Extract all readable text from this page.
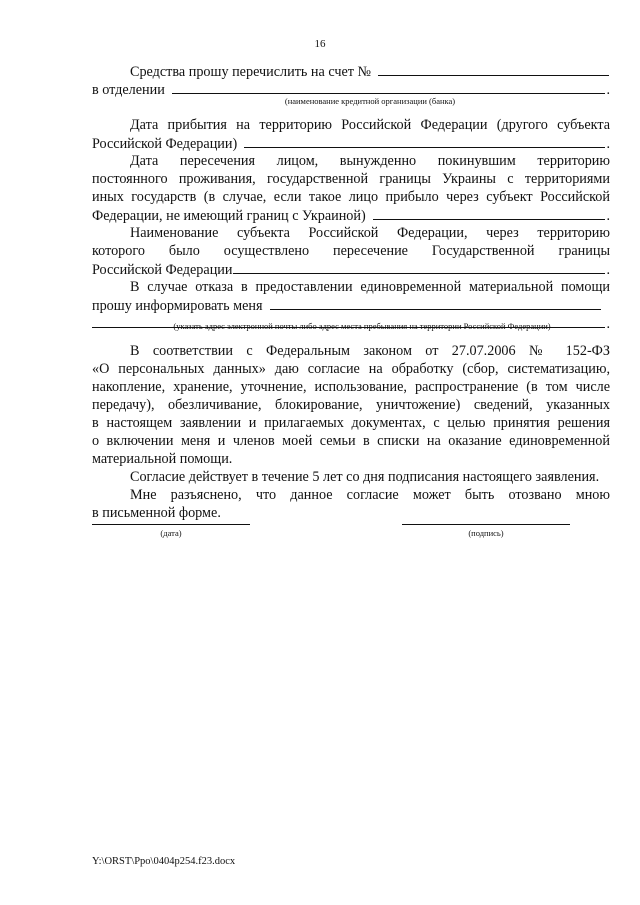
16
Средства прошу перечислить на счет №
в отделении	.
(наименование кредитной организации (банка)
Дата прибытия на территорию Российской Федерации (другого субъекта
Российской Федерации)	.
Дата пересечения лицом, вынужденно покинувшим территорию
постоянного проживания, государственной границы Украины с территориями
иных государств (в случае, если такое лицо прибыло через субъект Российской
Федерации, не имеющий границ с Украиной)	.
Наименование субъекта Российской Федерации, через территорию
которого было осуществлено пересечение Государственной границы
Российской Федерации	.
В случае отказа в предоставлении единовременной материальной помощи
прошу информировать меня
.
(указать адрес электронной почты либо адрес места пребывания на территории Российской Федерации)
В соответствии с Федеральным законом от 27.07.2006 № 152-ФЗ
«О персональных данных» даю согласие на обработку (сбор, систематизацию,
накопление, хранение, уточнение, использование, распространение (в том числе
передачу), обезличивание, блокирование, уничтожение) сведений, указанных
в настоящем заявлении и прилагаемых документах, с целью принятия решения
о включении меня и членов моей семьи в списки на оказание единовременной
материальной помощи.
Согласие действует в течение 5 лет со дня подписания настоящего заявления.
Мне разъяснено, что данное согласие может быть отозвано мною
в письменной форме.
(дата)	(подпись)
Y:\ORST\Ppo\0404p254.f23.docx
